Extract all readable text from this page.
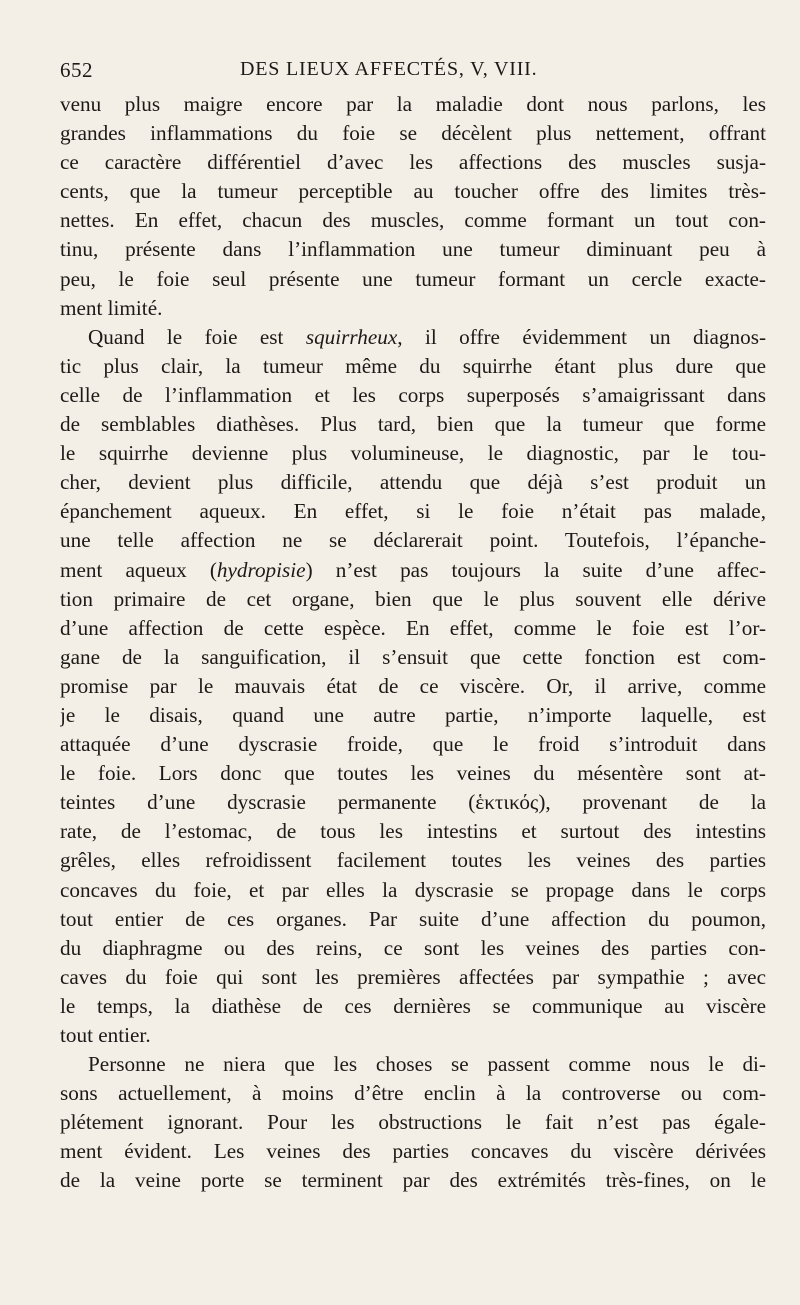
652	DES LIEUX AFFECTÉS, V, VIII.
venu plus maigre encore par la maladie dont nous parlons, les
grandes inflammations du foie se décèlent plus nettement, offrant
ce caractère différentiel d’avec les affections des muscles susja-
cents, que la tumeur perceptible au toucher offre des limites très-
nettes. En effet, chacun des muscles, comme formant un tout con-
tinu, présente dans l’inflammation une tumeur diminuant peu à
peu, le foie seul présente une tumeur formant un cercle exacte-
ment limité.
Quand le foie est squirrheux, il offre évidemment un diagnos-
tic plus clair, la tumeur même du squirrhe étant plus dure que
celle de l’inflammation et les corps superposés s’amaigrissant dans
de semblables diathèses. Plus tard, bien que la tumeur que forme
le squirrhe devienne plus volumineuse, le diagnostic, par le tou-
cher, devient plus difficile, attendu que déjà s’est produit un
épanchement aqueux. En effet, si le foie n’était pas malade,
une telle affection ne se déclarerait point. Toutefois, l’épanche-
ment aqueux (hydropisie) n’est pas toujours la suite d’une affec-
tion primaire de cet organe, bien que le plus souvent elle dérive
d’une affection de cette espèce. En effet, comme le foie est l’or-
gane de la sanguification, il s’ensuit que cette fonction est com-
promise par le mauvais état de ce viscère. Or, il arrive, comme
je le disais, quand une autre partie, n’importe laquelle, est
attaquée d’une dyscrasie froide, que le froid s’introduit dans
le foie. Lors donc que toutes les veines du mésentère sont at-
teintes d’une dyscrasie permanente (ἑκτικός), provenant de la
rate, de l’estomac, de tous les intestins et surtout des intestins
grêles, elles refroidissent facilement toutes les veines des parties
concaves du foie, et par elles la dyscrasie se propage dans le corps
tout entier de ces organes. Par suite d’une affection du poumon,
du diaphragme ou des reins, ce sont les veines des parties con-
caves du foie qui sont les premières affectées par sympathie ; avec
le temps, la diathèse de ces dernières se communique au viscère
tout entier.
Personne ne niera que les choses se passent comme nous le di-
sons actuellement, à moins d’être enclin à la controverse ou com-
plétement ignorant. Pour les obstructions le fait n’est pas égale-
ment évident. Les veines des parties concaves du viscère dérivées
de la veine porte se terminent par des extrémités très-fines, on le
